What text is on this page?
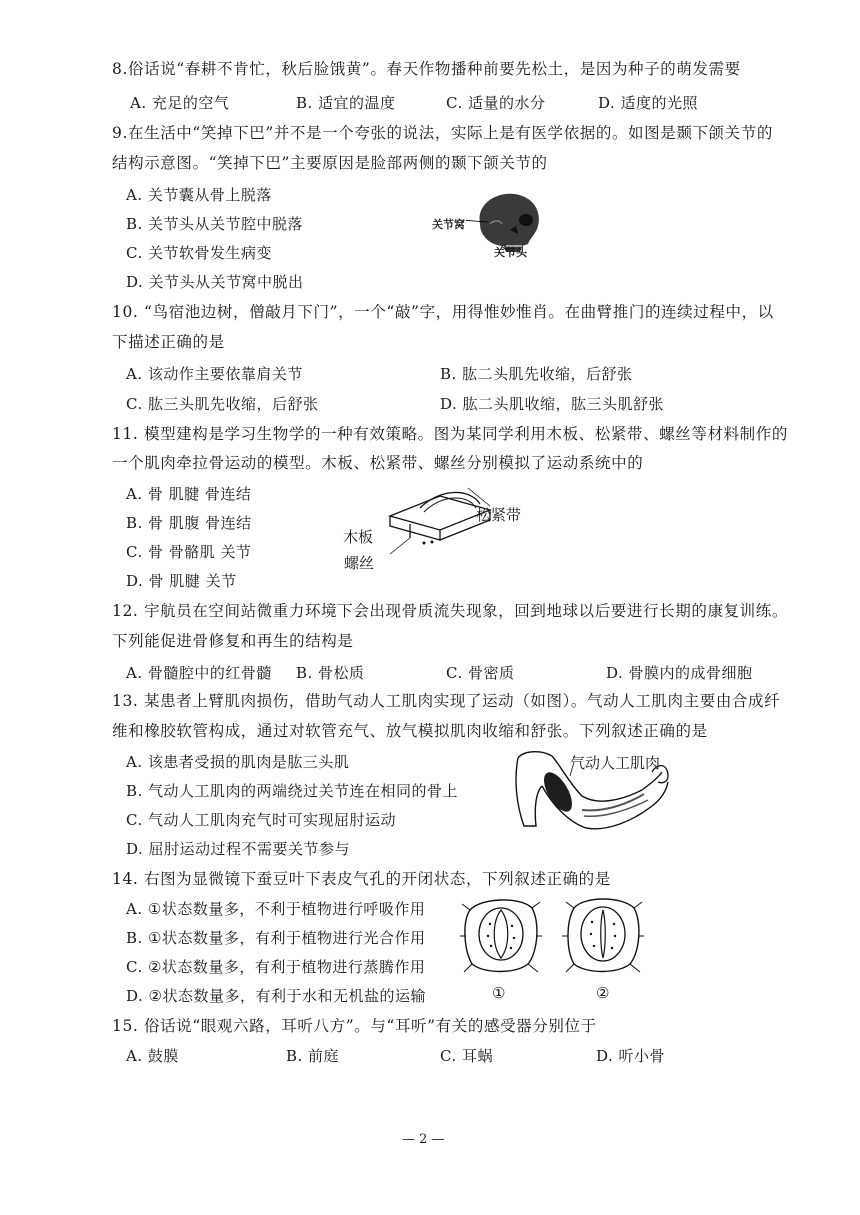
8.俗话说“春耕不肯忙，秋后脸饿黄”。春天作物播种前要先松土，是因为种子的萌发需要
A. 充足的空气	B. 适宜的温度	C. 适量的水分	D. 适度的光照
9.在生活中“笑掉下巴”并不是一个夸张的说法，实际上是有医学依据的。如图是颞下颌关节的
结构示意图。“笑掉下巴”主要原因是脸部两侧的颞下颌关节的
A. 关节囊从骨上脱落
B. 关节头从关节腔中脱落
C. 关节软骨发生病变
D. 关节头从关节窝中脱出
关节窝
关节头
10. “鸟宿池边树，僧敲月下门”，一个“敲”字，用得惟妙惟肖。在曲臂推门的连续过程中，以
下描述正确的是
A. 该动作主要依靠肩关节	B. 肱二头肌先收缩，后舒张
C. 肱三头肌先收缩，后舒张	D. 肱二头肌收缩，肱三头肌舒张
11. 模型建构是学习生物学的一种有效策略。图为某同学利用木板、松紧带、螺丝等材料制作的
一个肌肉牵拉骨运动的模型。木板、松紧带、螺丝分别模拟了运动系统中的
A. 骨 肌腱 骨连结
B. 骨 肌腹 骨连结
C. 骨 骨骼肌 关节
D. 骨 肌腱 关节
松紧带
木板
螺丝
12. 宇航员在空间站微重力环境下会出现骨质流失现象，回到地球以后要进行长期的康复训练。
下列能促进骨修复和再生的结构是
A. 骨髓腔中的红骨髓 B. 骨松质	C. 骨密质	D. 骨膜内的成骨细胞
13. 某患者上臂肌肉损伤，借助气动人工肌肉实现了运动（如图）。气动人工肌肉主要由合成纤
维和橡胶软管构成，通过对软管充气、放气模拟肌肉收缩和舒张。下列叙述正确的是
A. 该患者受损的肌肉是肱三头肌
B. 气动人工肌肉的两端绕过关节连在相同的骨上
C. 气动人工肌肉充气时可实现屈肘运动
D. 屈肘运动过程不需要关节参与
气动人工肌肉
14. 右图为显微镜下蚕豆叶下表皮气孔的开闭状态，下列叙述正确的是
A. ①状态数量多，不利于植物进行呼吸作用
B. ①状态数量多，有利于植物进行光合作用
C. ②状态数量多，有利于植物进行蒸腾作用
D. ②状态数量多，有利于水和无机盐的运输	①	②
15. 俗话说“眼观六路，耳听八方”。与“耳听”有关的感受器分别位于
A. 鼓膜	B. 前庭	C. 耳蜗	D. 听小骨
— 2 —
